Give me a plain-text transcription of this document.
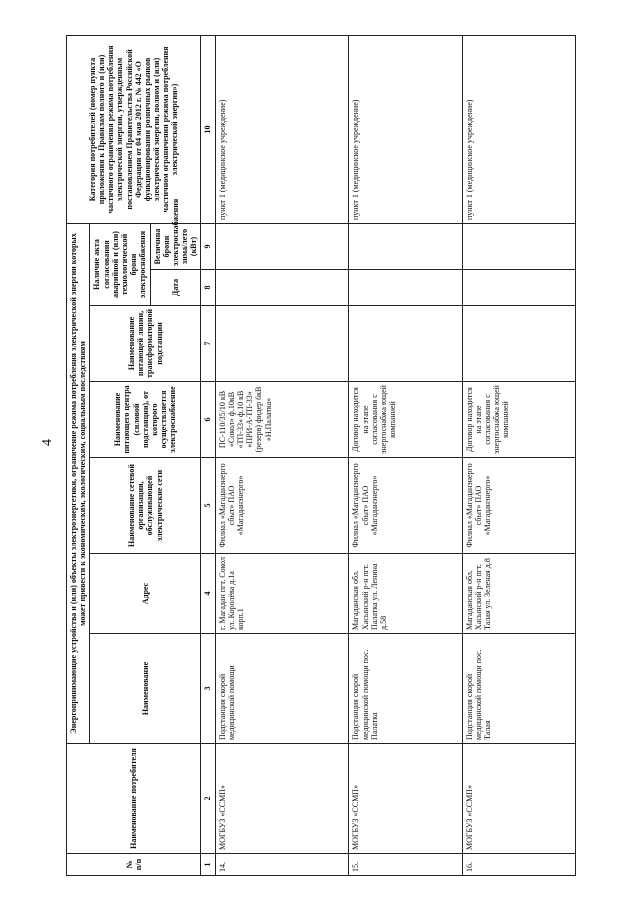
4
№ п/п	Наименование потребителя	Энергопринимающие устройства и (или) объекты электроэнергетики, ограничение режима потребления электрической энергии которых может привести к экономическим, экологическим, социальным последствиям							Категория потребителей (номер пункта приложения к Правилам полного и (или) частичного ограничения режима потребления электрической энергии, утвержденным постановлением Правительства Российской Федерации от 04 мая 2012 г. № 442 «О функционировании розничных рынков электрической энергии, полном и (или) частичном ограничении режима потребления электрической энергии»)
		Наименование	Адрес	Наименование сетевой организации, обслуживающей электрические сети	Наименование питающего центра (силовой подстанции), от которого осуществляется электроснабжение	Наименование питающей линии, трансформаторной подстанции	Наличие акта согласования аварийной и (или) технологической брони электроснабжения		
							Дата	Величина брони электроснабжения зима/лето (кВт)	
1	2	3	4	5	6	7	8	9	10
14.	МОГБУЗ «ССМП»	Подстанция скорой медицинской помощи	г. Магадан пгт. Сокол ул. Королёва д.1а корп.1	Филиал «Магаданэнерго сбыт» ПАО «Магаданэнерго»	ПС-110/35/10 кВ «Сокол» ф.10кВ «ТП-33» ф.10 кВ «ПРИ-А-ТП-33» (резерв) фидер 6кВ «Н.Палатка»				пункт 1 (медицинское учреждение)
15.	МОГБУЗ «ССМП»	Подстанция скорой медицинской помощи пос. Палатка	Магаданская обл. Хасынский р-н пгт. Палатка ул. Ленина д.58	Филиал «Магаданэнерго сбыт» ПАО «Магаданэнерго»	Договор находится на этапе согласования с энергоснабжа ющей компанией				пункт 1 (медицинское учреждение)
16.	МОГБУЗ «ССМП»	Подстанция скорой медицинской помощи пос. Талая	Магаданская обл. Хасынский р-н пгт. Талая ул. Зеленая д.8	Филиал «Магаданэнерго сбыт» ПАО «Магаданэнерго»	Договор находится на этапе согласования с энергоснабжа ющей компанией				пункт 1 (медицинское учреждение)
